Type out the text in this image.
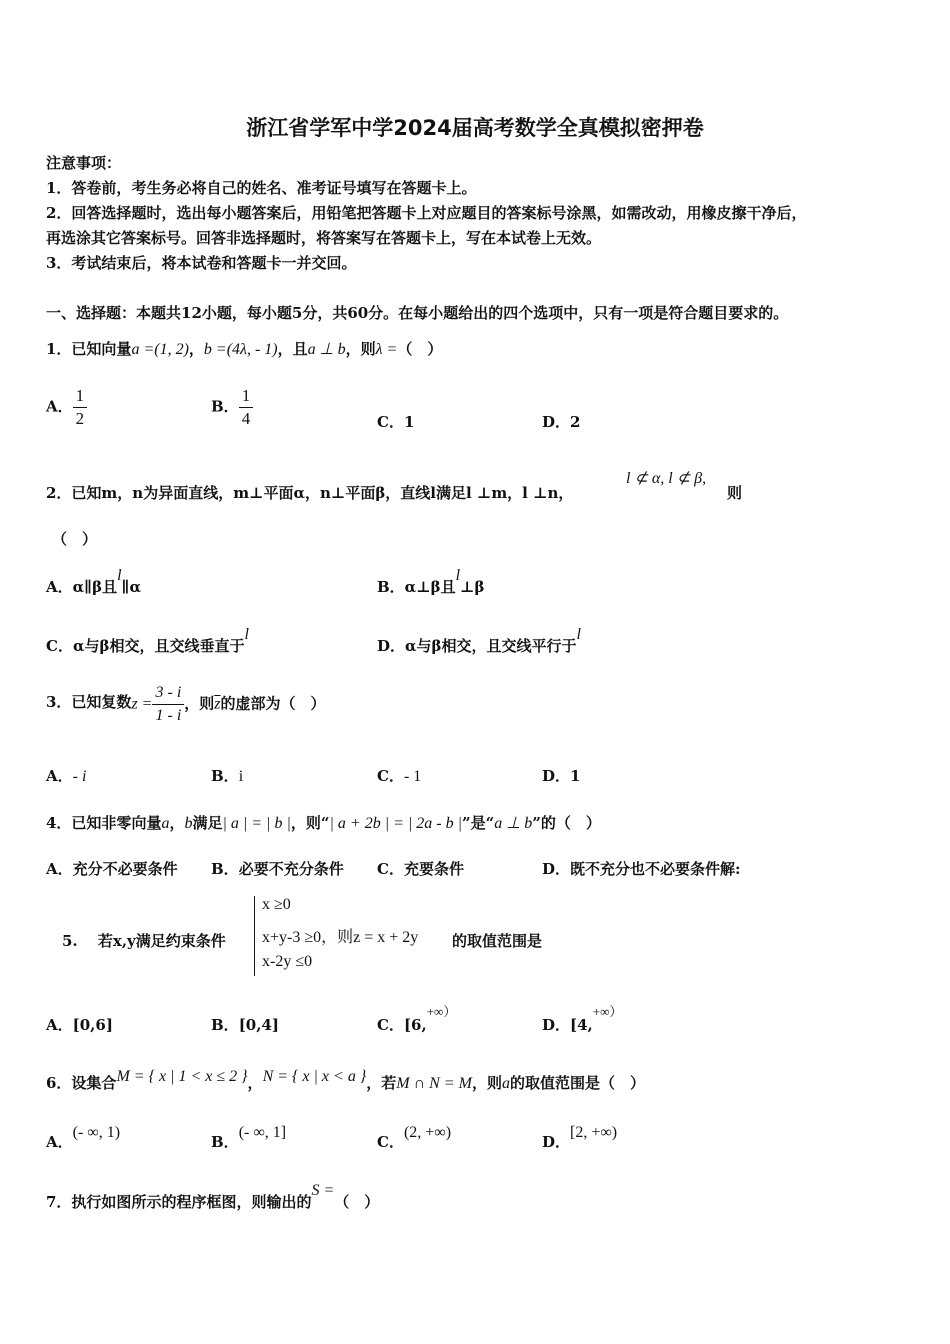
浙江省学军中学2024届高考数学全真模拟密押卷
注意事项：
1．答卷前，考生务必将自己的姓名、准考证号填写在答题卡上。
2．回答选择题时，选出每小题答案后，用铅笔把答题卡上对应题目的答案标号涂黑，如需改动，用橡皮擦干净后，
再选涂其它答案标号。回答非选择题时，将答案写在答题卡上，写在本试卷上无效。
3．考试结束后，将本试卷和答题卡一并交回。
一、选择题：本题共12小题，每小题5分，共60分。在每小题给出的四个选项中，只有一项是符合题目要求的。
1．已知向量a =(1, 2)，b =(4λ, - 1)，且a ⊥ b，则λ =（　）
A． $\frac{1}{2}$	B． $\frac{1}{4}$	C．1	D．2
2．已知m，n为异面直线，m⊥平面α，n⊥平面β，直线l满足l ⊥m，l ⊥n，
l ⊄ α, l ⊄ β,
则
（　）
A．α∥β且l∥α	B．α⊥β且l⊥β
C．α与β相交，且交线垂直于l
D．α与β相交，且交线平行于l
3．已知复数$z = \frac{3 - i}{1 - i}$ ，则$\overline{z}$的虚部为（　）
A．- i	B．i	C．- 1	D．1
4．已知非零向量a，b满足| a | = | b |，则“| a + 2b | = | 2a - b |”是“a ⊥ b”的（　）
A．充分不必要条件 B．必要不充分条件 C．充要条件	D．既不充分也不必要条件解:
5.　 若x,y满足约束条件
x ≥0
x+y-3 ≥0，则z = x + 2y
x-2y ≤0
的取值范围是
A．[0,6]	B．[0,4]	C．[6,+∞）
D．[4,+∞）
6．设集合M = { x | 1 < x ≤ 2 }，N = { x | x < a }，若M ∩ N = M，则a的取值范围是（　）
A．(- ∞, 1)
B．(- ∞, 1]
C．(2, +∞)
D．[2, +∞)
7．执行如图所示的程序框图，则输出的S =（　）
